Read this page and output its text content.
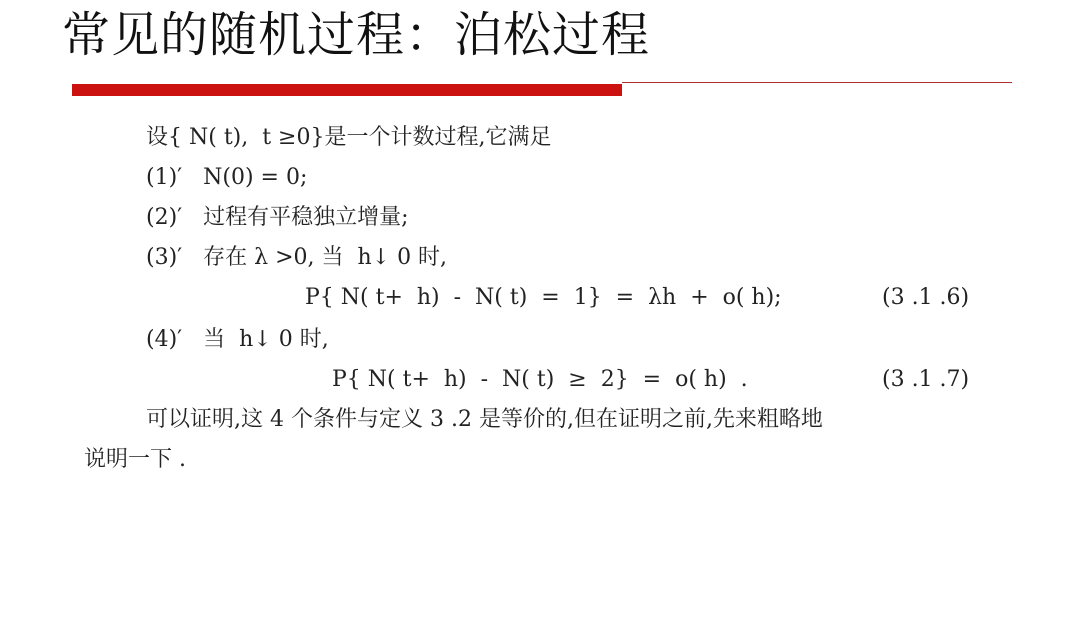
常见的随机过程：泊松过程
设{ N( t),  t ≥0}是一个计数过程,它满足
(1)′   N(0) = 0;
(2)′   过程有平稳独立增量;
(3)′   存在 λ >0, 当  h↓ 0 时,
P{ N( t+  h)  -  N( t)  =  1}  =  λh  +  o( h);	(3 .1 .6)
(4)′   当  h↓ 0 时,
P{ N( t+  h)  -  N( t)  ≥  2}  =  o( h)  .	(3 .1 .7)
可以证明,这 4 个条件与定义 3 .2 是等价的,但在证明之前,先来粗略地
说明一下 .
